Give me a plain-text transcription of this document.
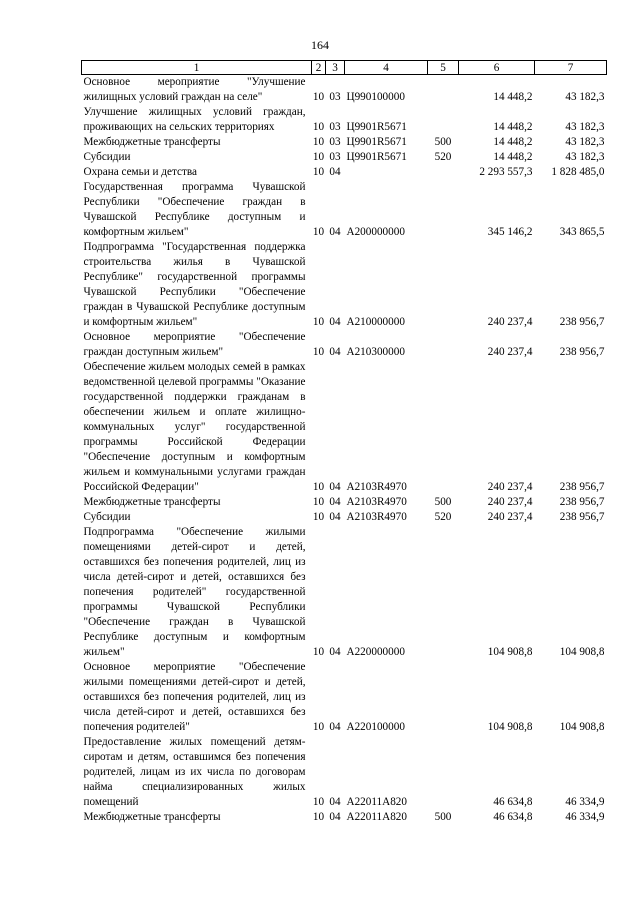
164
1	2	3	4	5	6	7
Основное мероприятие "Улучшение жилищных условий граждан на селе"	10	03	Ц990100000		14 448,2	43 182,3
Улучшение жилищных условий граждан, проживающих на сельских территориях	10	03	Ц9901R5671		14 448,2	43 182,3
Межбюджетные трансферты	10	03	Ц9901R5671	500	14 448,2	43 182,3
Субсидии	10	03	Ц9901R5671	520	14 448,2	43 182,3
Охрана семьи и детства	10	04			2 293 557,3	1 828 485,0
Государственная программа Чувашской Республики "Обеспечение граждан в Чувашской Республике доступным и комфортным жильем"	10	04	А200000000		345 146,2	343 865,5
Подпрограмма "Государственная поддержка строительства жилья в Чувашской Республике" государственной программы Чувашской Республики "Обеспечение граждан в Чувашской Республике доступным и комфортным жильем"	10	04	А210000000		240 237,4	238 956,7
Основное мероприятие "Обеспечение граждан доступным жильем"	10	04	А210300000		240 237,4	238 956,7
Обеспечение жильем молодых семей в рамках ведомственной целевой программы "Оказание государственной поддержки гражданам в обеспечении жильем и оплате жилищно-коммунальных услуг" государственной программы Российской Федерации "Обеспечение доступным и комфортным жильем и коммунальными услугами граждан Российской Федерации"	10	04	А2103R4970		240 237,4	238 956,7
Межбюджетные трансферты	10	04	А2103R4970	500	240 237,4	238 956,7
Субсидии	10	04	А2103R4970	520	240 237,4	238 956,7
Подпрограмма "Обеспечение жилыми помещениями детей-сирот и детей, оставшихся без попечения родителей, лиц из числа детей-сирот и детей, оставшихся без попечения родителей" государственной программы Чувашской Республики "Обеспечение граждан в Чувашской Республике доступным и комфортным жильем"	10	04	А220000000		104 908,8	104 908,8
Основное мероприятие "Обеспечение жилыми помещениями детей-сирот и детей, оставшихся без попечения родителей, лиц из числа детей-сирот и детей, оставшихся без попечения родителей"	10	04	А220100000		104 908,8	104 908,8
Предоставление жилых помещений детям-сиротам и детям, оставшимся без попечения родителей, лицам из их числа по договорам найма специализированных жилых помещений	10	04	А22011А820		46 634,8	46 334,9
Межбюджетные трансферты	10	04	А22011А820	500	46 634,8	46 334,9
